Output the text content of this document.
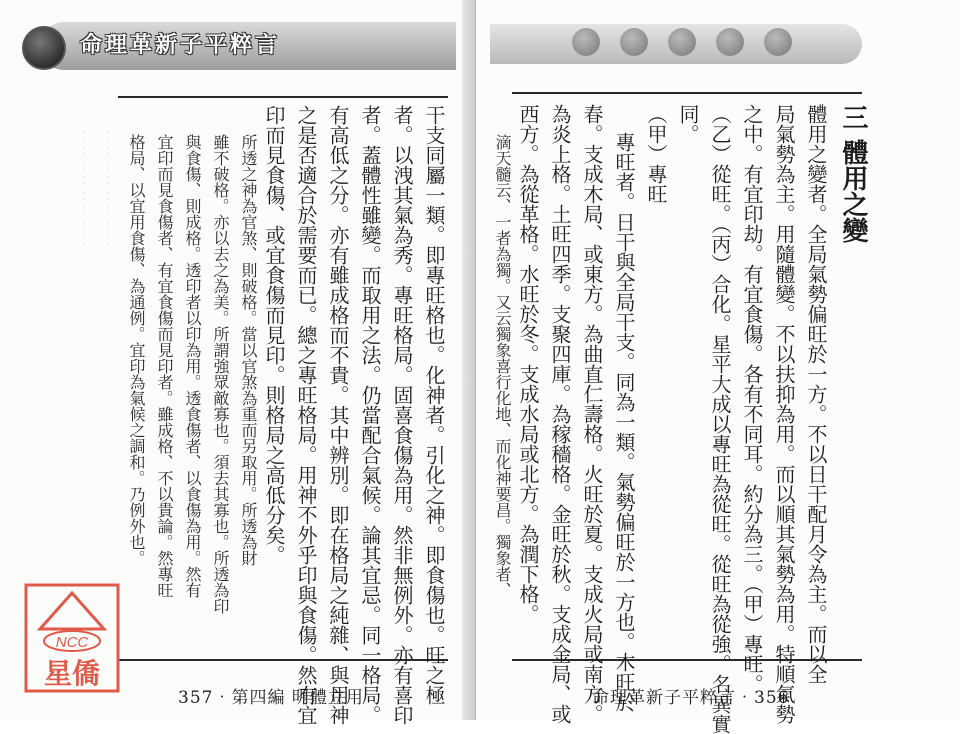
命理革新子平粹言
干支同屬一類。即專旺格也。化神者。引化之神。即食傷也。旺之極
者。以洩其氣為秀。專旺格局。固喜食傷為用。然非無例外。亦有喜印
者。蓋體性雖變。而取用之法。仍當配合氣候。論其宜忌。同一格局。
有高低之分。亦有雖成格而不貴。其中辨別。即在格局之純雜、與用神
之是否適合於需要而已。總之專旺格局。用神不外乎印與食傷。然有宜
印而見食傷、或宜食傷而見印。則格局之高低分矣。
所透之神為官煞、則破格。當以官煞為重而另取用。所透為財
雖不破格。亦以去之為美。所謂強眾敵寡也。須去其寡也。所透為印
與食傷、則成格。透印者以印為用。透食傷者、以食傷為用。然有
宜印而見食傷者、有宜食傷而見印者。雖成格、不以貴論。然專旺
格局、以宜用食傷、為通例。宜印為氣候之調和。乃例外也。
：：：：：：：：
：：：：：：：：
357‧第四編 明體立用
三 體用之變
體用之變者。全局氣勢偏旺於一方。不以日干配月令為主。而以全
局氣勢為主。用隨體變。不以扶抑為用。而以順其氣勢為用。特順氣勢
之中。有宜印劫。有宜食傷。各有不同耳。約分為三。（甲）專旺。
（乙）從旺。（丙）合化。星平大成以專旺為從旺。從旺為從強。名異實
同。
（甲）專旺
專旺者。日干與全局干支。同為一類。氣勢偏旺於一方也。木旺於
春。支成木局、或東方。為曲直仁壽格。火旺於夏。支成火局或南方。
為炎上格。土旺四季。支聚四庫。為稼穡格。金旺於秋。支成金局、或
西方。為從革格。水旺於冬。支成水局或北方。為潤下格。
滴天髓云、一者為獨。又云獨象喜行化地、而化神要昌。獨象者、
命理革新子平粹言‧356
NCC
星僑
